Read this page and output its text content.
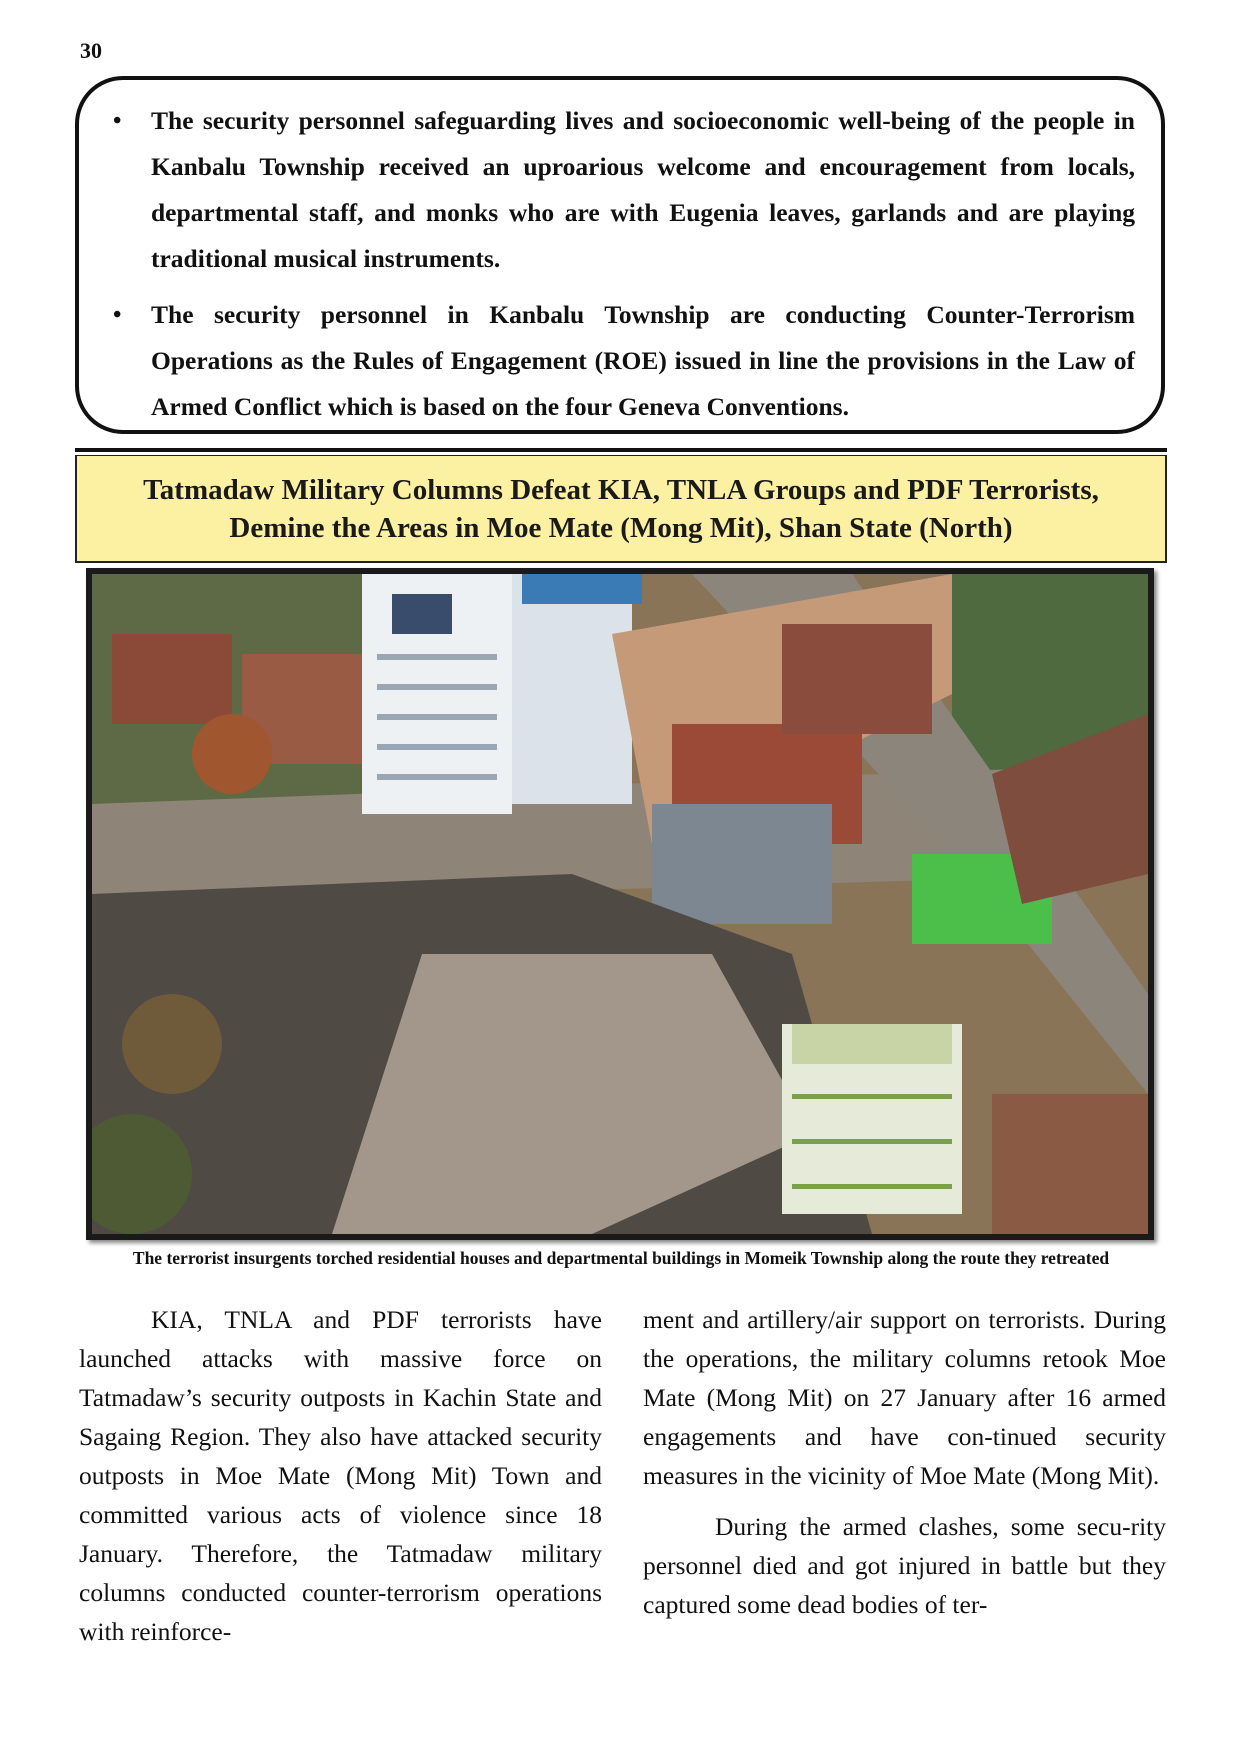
30
• The security personnel safeguarding lives and socioeconomic well-being of the people in Kanbalu Township received an uproarious welcome and encouragement from locals, departmental staff, and monks who are with Eugenia leaves, garlands and are playing traditional musical instruments.
• The security personnel in Kanbalu Township are conducting Counter-Terrorism Operations as the Rules of Engagement (ROE) issued in line the provisions in the Law of Armed Conflict which is based on the four Geneva Conventions.
Tatmadaw Military Columns Defeat KIA, TNLA Groups and PDF Terrorists,
Demine the Areas in Moe Mate (Mong Mit), Shan State (North)
The terrorist insurgents torched residential houses and departmental buildings in Momeik Township along the route they retreated

KIA, TNLA and PDF terrorists have launched attacks with massive force on Tatmadaw’s security outposts in Kachin State and Sagaing Region. They also have attacked security outposts in Moe Mate (Mong Mit) Town and committed various acts of violence since 18 January. Therefore, the Tatmadaw military columns conducted counter-terrorism operations with reinforce-

ment and artillery/air support on terrorists. During the operations, the military columns retook Moe Mate (Mong Mit) on 27 January after 16 armed engagements and have con-tinued security measures in the vicinity of Moe Mate (Mong Mit).

During the armed clashes, some secu-rity personnel died and got injured in battle but they captured some dead bodies of ter-
